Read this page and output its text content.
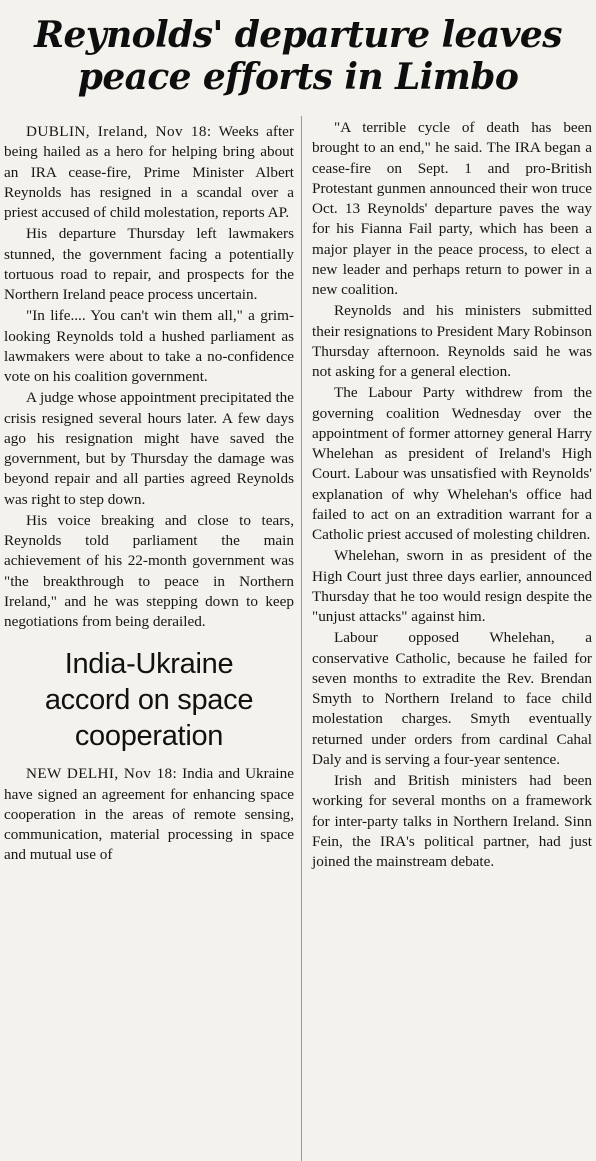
Reynolds' departure leaves
peace efforts in Limbo

DUBLIN, Ireland, Nov 18: Weeks after being hailed as a hero for helping bring about an IRA cease-fire, Prime Minister Albert Reynolds has resigned in a scandal over a priest accused of child molestation, reports AP.

His departure Thursday left lawmakers stunned, the government facing a potentially tortuous road to repair, and prospects for the Northern Ireland peace process uncertain.

"In life.... You can't win them all," a grim-looking Reynolds told a hushed parliament as lawmakers were about to take a no-confidence vote on his coalition government.

A judge whose appointment precipitated the crisis resigned several hours later. A few days ago his resignation might have saved the government, but by Thursday the damage was beyond repair and all parties agreed Reynolds was right to step down.

His voice breaking and close to tears, Reynolds told parliament the main achievement of his 22-month government was "the breakthrough to peace in Northern Ireland," and he was stepping down to keep negotiations from being derailed.

India-Ukraine
accord on space
cooperation

NEW DELHI, Nov 18: India and Ukraine have signed an agreement for enhancing space cooperation in the areas of remote sensing, communication, material processing in space and mutual use of

"A terrible cycle of death has been brought to an end," he said. The IRA began a cease-fire on Sept. 1 and pro-British Protestant gunmen announced their won truce Oct. 13 Reynolds' departure paves the way for his Fianna Fail party, which has been a major player in the peace process, to elect a new leader and perhaps return to power in a new coalition.

Reynolds and his ministers submitted their resignations to President Mary Robinson Thursday afternoon. Reynolds said he was not asking for a general election.

The Labour Party withdrew from the governing coalition Wednesday over the appointment of former attorney general Harry Whelehan as president of Ireland's High Court. Labour was unsatisfied with Reynolds' explanation of why Whelehan's office had failed to act on an extradition warrant for a Catholic priest accused of molesting children.

Whelehan, sworn in as president of the High Court just three days earlier, announced Thursday that he too would resign despite the "unjust attacks" against him.

Labour opposed Whelehan, a conservative Catholic, because he failed for seven months to extradite the Rev. Brendan Smyth to Northern Ireland to face child molestation charges. Smyth eventually returned under orders from cardinal Cahal Daly and is serving a four-year sentence.

Irish and British ministers had been working for several months on a framework for inter-party talks in Northern Ireland. Sinn Fein, the IRA's political partner, had just joined the mainstream debate.
